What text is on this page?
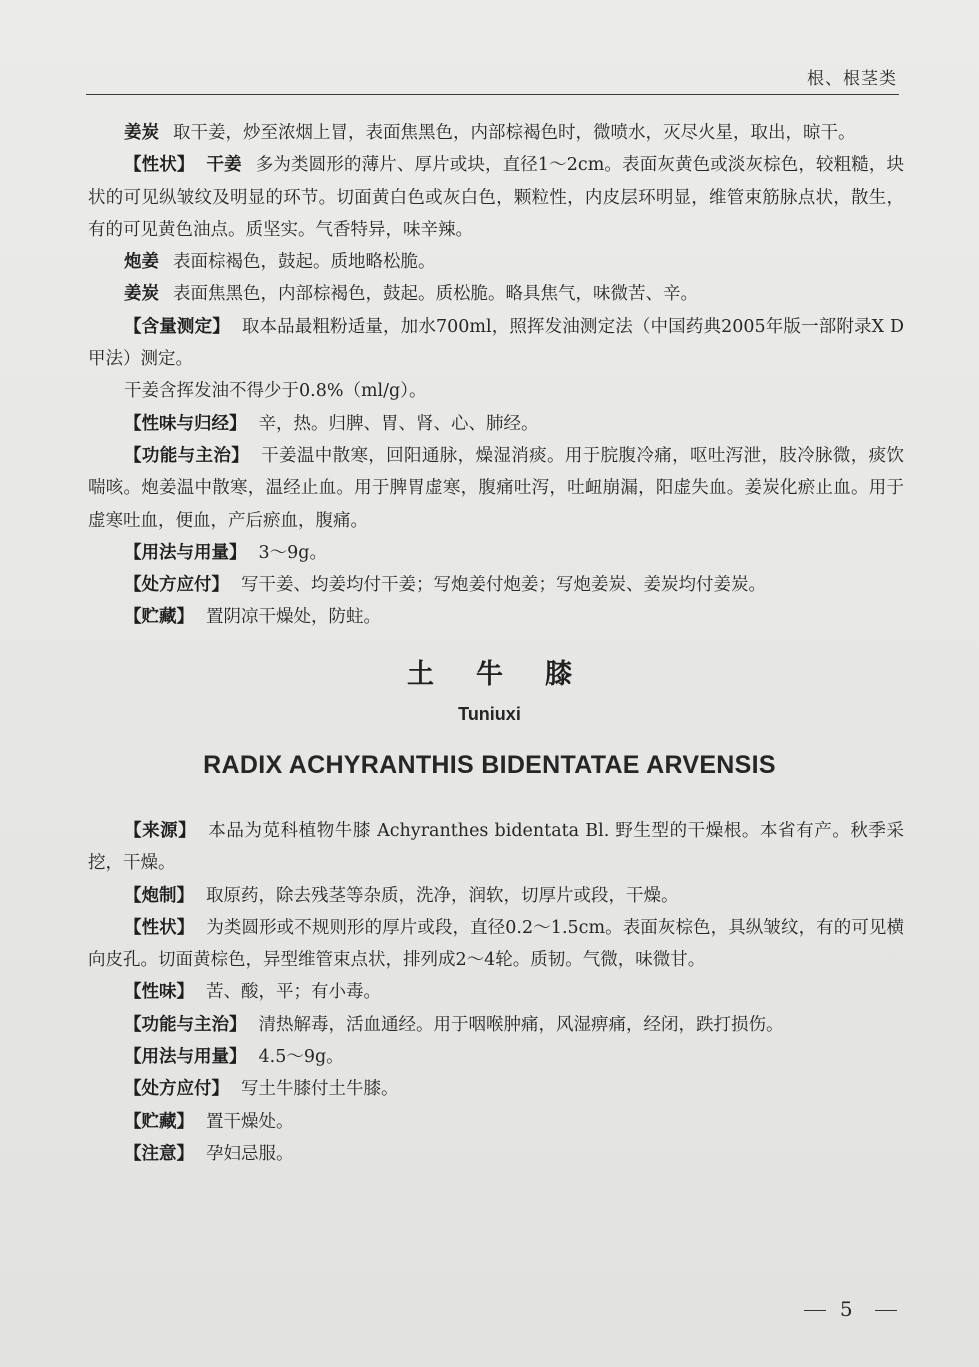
根、根茎类

姜炭 取干姜，炒至浓烟上冒，表面焦黑色，内部棕褐色时，微喷水，灭尽火星，取出，晾干。

【性状】 干姜 多为类圆形的薄片、厚片或块，直径1～2cm。表面灰黄色或淡灰棕色，较粗糙，块状的可见纵皱纹及明显的环节。切面黄白色或灰白色，颗粒性，内皮层环明显，维管束筋脉点状，散生，有的可见黄色油点。质坚实。气香特异，味辛辣。

炮姜 表面棕褐色，鼓起。质地略松脆。

姜炭 表面焦黑色，内部棕褐色，鼓起。质松脆。略具焦气，味微苦、辛。

【含量测定】 取本品最粗粉适量，加水700ml，照挥发油测定法（中国药典2005年版一部附录Ⅹ D甲法）测定。

干姜含挥发油不得少于0.8%（ml/g）。

【性味与归经】 辛，热。归脾、胃、肾、心、肺经。

【功能与主治】 干姜温中散寒，回阳通脉，燥湿消痰。用于脘腹冷痛，呕吐泻泄，肢冷脉微，痰饮喘咳。炮姜温中散寒，温经止血。用于脾胃虚寒，腹痛吐泻，吐衄崩漏，阳虚失血。姜炭化瘀止血。用于虚寒吐血，便血，产后瘀血，腹痛。

【用法与用量】 3～9g。

【处方应付】 写干姜、均姜均付干姜；写炮姜付炮姜；写炮姜炭、姜炭均付姜炭。

【贮藏】 置阴凉干燥处，防蛀。

土牛膝
Tuniuxi
RADIX ACHYRANTHIS BIDENTATAE ARVENSIS

【来源】 本品为苋科植物牛膝 Achyranthes bidentata Bl. 野生型的干燥根。本省有产。秋季采挖，干燥。

【炮制】 取原药，除去残茎等杂质，洗净，润软，切厚片或段，干燥。

【性状】 为类圆形或不规则形的厚片或段，直径0.2～1.5cm。表面灰棕色，具纵皱纹，有的可见横向皮孔。切面黄棕色，异型维管束点状，排列成2～4轮。质韧。气微，味微甘。

【性味】 苦、酸，平；有小毒。

【功能与主治】 清热解毒，活血通经。用于咽喉肿痛，风湿痹痛，经闭，跌打损伤。

【用法与用量】 4.5～9g。

【处方应付】 写土牛膝付土牛膝。

【贮藏】 置干燥处。

【注意】 孕妇忌服。

5
